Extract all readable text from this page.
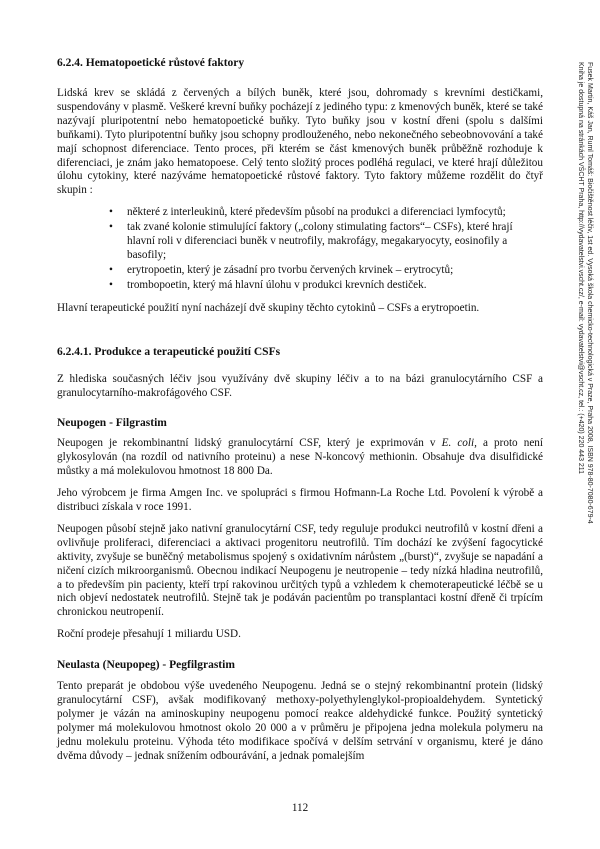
6.2.4. Hematopoetické růstové faktory

Lidská krev se skládá z červených a bílých buněk, které jsou, dohromady s krevními destičkami, suspendovány v plasmě. Veškeré krevní buňky pocházejí z jediného typu: z kmenových buněk, které se také nazývají pluripotentní nebo hematopoetické buňky. Tyto buňky jsou v kostní dřeni (spolu s dalšími buňkami). Tyto pluripotentní buňky jsou schopny prodlouženého, nebo nekonečného sebeobnovování a také mají schopnost diferenciace. Tento proces, při kterém se část kmenových buněk průběžně rozhoduje k diferenciaci, je znám jako hematopoese. Celý tento složitý proces podléhá regulaci, ve které hrají důležitou úlohu cytokiny, které nazýváme hematopoetické růstové faktory. Tyto faktory můžeme rozdělit do čtyř skupin :

• některé z interleukinů, které především působí na produkci a diferenciaci lymfocytů;
• tak zvané kolonie stimulující faktory („colony stimulating factors“– CSFs), které hrají hlavní roli v diferenciaci buněk v neutrofily, makrofágy, megakaryocyty, eosinofily a basofily;
• erytropoetin, který je zásadní pro tvorbu červených krvinek – erytrocytů;
• trombopoetin, který má hlavní úlohu v produkci krevních destiček.

Hlavní terapeutické použití nyní nacházejí dvě skupiny těchto cytokinů – CSFs a erytropoetin.

6.2.4.1. Produkce a terapeutické použití CSFs

Z hlediska současných léčiv jsou využívány dvě skupiny léčiv a to na bázi granulocytárního CSF a granulocytarního-makrofágového CSF.

Neupogen - Filgrastim

Neupogen je rekombinantní lidský granulocytární CSF, který je exprimován v E. coli, a proto není glykosylován (na rozdíl od nativního proteinu) a nese N-koncový methionin. Obsahuje dva disulfidické můstky a má molekulovou hmotnost 18 800 Da.

Jeho výrobcem je firma Amgen Inc. ve spolupráci s firmou Hofmann-La Roche Ltd. Povolení k výrobě a distribuci získala v roce 1991.

Neupogen působí stejně jako nativní granulocytární CSF, tedy reguluje produkci neutrofilů v kostní dřeni a ovlivňuje proliferaci, diferenciaci a aktivaci progenitoru neutrofilů. Tím dochází ke zvýšení fagocytické aktivity, zvyšuje se buněčný metabolismus spojený s oxidativním nárůstem „(burst)“, zvyšuje se napadání a ničení cizích mikroorganismů. Obecnou indikací Neupogenu je neutropenie – tedy nízká hladina neutrofilů, a to především pin pacienty, kteří trpí rakovinou určitých typů a vzhledem k chemoterapeutické léčbě se u nich objeví nedostatek neutrofilů. Stejně tak je podáván pacientům po transplantaci kostní dřeně či trpícím chronickou neutropenií.

Roční prodeje přesahují 1 miliardu USD.

Neulasta (Neupopeg) - Pegfilgrastim

Tento preparát je obdobou výše uvedeného Neupogenu. Jedná se o stejný rekombinantní protein (lidský granulocytární CSF), avšak modifikovaný methoxy-polyethylenglykol-propioaldehydem. Syntetický polymer je vázán na aminoskupiny neupogenu pomocí reakce aldehydické funkce. Použitý syntetický polymer má molekulovou hmotnost okolo 20 000 a v průměru je připojena jedna molekula polymeru na jednu molekulu proteinu. Výhoda této modifikace spočívá v delším setrvání v organismu, které je dáno dvěma důvody – jednak snížením odbourávání, a jednak pomalejším

112
Fusek Martin, Káš Jan, Ruml Tomáš: Biočištěnost léčiv, 1st ed. Vysoká škola chemicko-technologická v Praze, Praha 2008, ISBN 978-80-7080-679-4
Kniha je dostupná na stránkách VŠCHT Praha, http://vydavatelstvi.vscht.cz/, e-mail: vydavatelstvi@vscht.cz, tel.: (+420) 220 443 211
